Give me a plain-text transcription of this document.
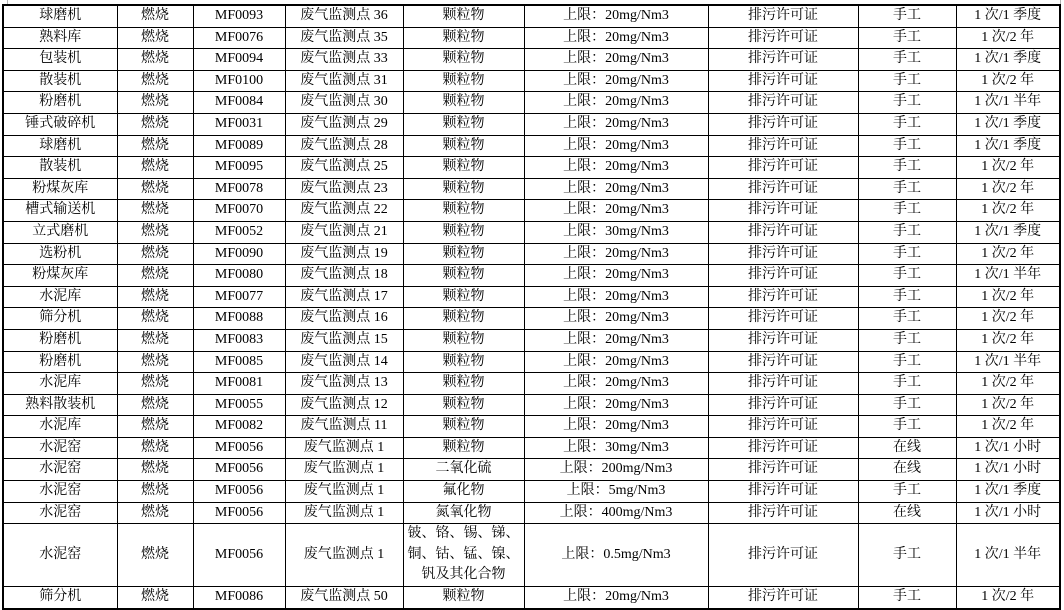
球磨机	燃烧	MF0093	废气监测点 36	颗粒物	上限：20mg/Nm3	排污许可证	手工	1 次/1 季度
熟料库	燃烧	MF0076	废气监测点 35	颗粒物	上限：20mg/Nm3	排污许可证	手工	1 次/2 年
包装机	燃烧	MF0094	废气监测点 33	颗粒物	上限：20mg/Nm3	排污许可证	手工	1 次/1 季度
散装机	燃烧	MF0100	废气监测点 31	颗粒物	上限：20mg/Nm3	排污许可证	手工	1 次/2 年
粉磨机	燃烧	MF0084	废气监测点 30	颗粒物	上限：20mg/Nm3	排污许可证	手工	1 次/1 半年
锤式破碎机	燃烧	MF0031	废气监测点 29	颗粒物	上限：20mg/Nm3	排污许可证	手工	1 次/1 季度
球磨机	燃烧	MF0089	废气监测点 28	颗粒物	上限：20mg/Nm3	排污许可证	手工	1 次/1 季度
散装机	燃烧	MF0095	废气监测点 25	颗粒物	上限：20mg/Nm3	排污许可证	手工	1 次/2 年
粉煤灰库	燃烧	MF0078	废气监测点 23	颗粒物	上限：20mg/Nm3	排污许可证	手工	1 次/2 年
槽式输送机	燃烧	MF0070	废气监测点 22	颗粒物	上限：20mg/Nm3	排污许可证	手工	1 次/2 年
立式磨机	燃烧	MF0052	废气监测点 21	颗粒物	上限：30mg/Nm3	排污许可证	手工	1 次/1 季度
选粉机	燃烧	MF0090	废气监测点 19	颗粒物	上限：20mg/Nm3	排污许可证	手工	1 次/2 年
粉煤灰库	燃烧	MF0080	废气监测点 18	颗粒物	上限：20mg/Nm3	排污许可证	手工	1 次/1 半年
水泥库	燃烧	MF0077	废气监测点 17	颗粒物	上限：20mg/Nm3	排污许可证	手工	1 次/2 年
筛分机	燃烧	MF0088	废气监测点 16	颗粒物	上限：20mg/Nm3	排污许可证	手工	1 次/2 年
粉磨机	燃烧	MF0083	废气监测点 15	颗粒物	上限：20mg/Nm3	排污许可证	手工	1 次/2 年
粉磨机	燃烧	MF0085	废气监测点 14	颗粒物	上限：20mg/Nm3	排污许可证	手工	1 次/1 半年
水泥库	燃烧	MF0081	废气监测点 13	颗粒物	上限：20mg/Nm3	排污许可证	手工	1 次/2 年
熟料散装机	燃烧	MF0055	废气监测点 12	颗粒物	上限：20mg/Nm3	排污许可证	手工	1 次/2 年
水泥库	燃烧	MF0082	废气监测点 11	颗粒物	上限：20mg/Nm3	排污许可证	手工	1 次/2 年
水泥窑	燃烧	MF0056	废气监测点 1	颗粒物	上限：30mg/Nm3	排污许可证	在线	1 次/1 小时
水泥窑	燃烧	MF0056	废气监测点 1	二氧化硫	上限：200mg/Nm3	排污许可证	在线	1 次/1 小时
水泥窑	燃烧	MF0056	废气监测点 1	氟化物	上限：5mg/Nm3	排污许可证	手工	1 次/1 季度
水泥窑	燃烧	MF0056	废气监测点 1	氮氧化物	上限：400mg/Nm3	排污许可证	在线	1 次/1 小时
水泥窑	燃烧	MF0056	废气监测点 1	铍、铬、锡、锑、铜、钴、锰、镍、钒及其化合物	上限：0.5mg/Nm3	排污许可证	手工	1 次/1 半年
筛分机	燃烧	MF0086	废气监测点 50	颗粒物	上限：20mg/Nm3	排污许可证	手工	1 次/2 年
